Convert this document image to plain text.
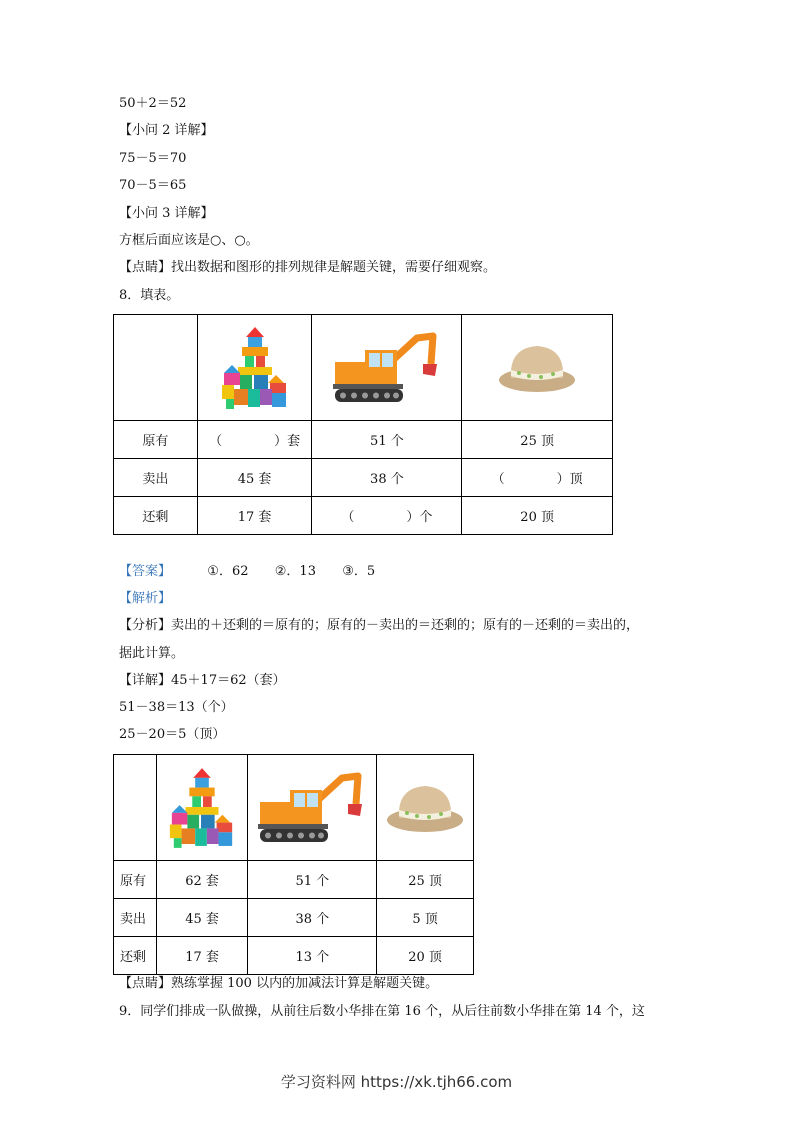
50＋2＝52
【小问 2 详解】
75－5＝70
70－5＝65
【小问 3 详解】
方框后面应该是○、○。
【点睛】找出数据和图形的排列规律是解题关键，需要仔细观察。
8．填表。

原有	（　　　　）套	51 个	25 顶
卖出	45 套	38 个	（　　　　）顶
还剩	17 套	（　　　　）个	20 顶
【答案】	①．62 ②．13 ③．5
【解析】
【分析】卖出的＋还剩的＝原有的；原有的－卖出的＝还剩的；原有的－还剩的＝卖出的，
据此计算。
【详解】45＋17＝62（套）
51－38＝13（个）
25－20＝5（顶）

原有	62 套	51 个	25 顶
卖出	45 套	38 个	5 顶
还剩	17 套	13 个	20 顶
【点睛】熟练掌握 100 以内的加减法计算是解题关键。
9．同学们排成一队做操，从前往后数小华排在第 16 个，从后往前数小华排在第 14 个，这
学习资料网 https://xk.tjh66.com
